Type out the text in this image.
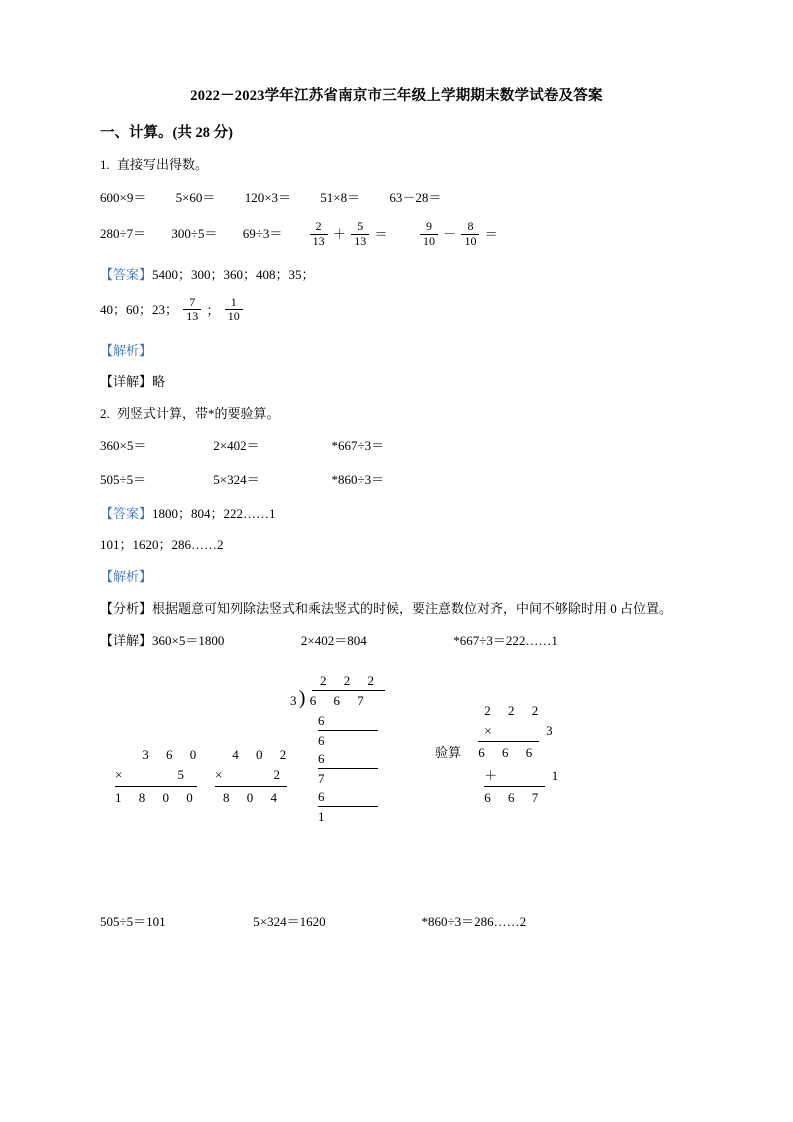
2022－2023学年江苏省南京市三年级上学期期末数学试卷及答案
一、计算。(共 28 分)
1. 直接写出得数。
600×9＝ 5×60＝ 120×3＝ 51×8＝ 63－28＝
$280\div 7= 300\div 5= 69\div 3= \frac{2}{13} + \frac{5}{13}$ ＝	$\frac{9}{10} - \frac{8}{10}$ ＝
【答案】5400；300；360；408；35；
40；60；23； $\frac{7}{13}$ ； $\frac{1}{10}$
【解析】
【详解】略
2. 列竖式计算，带*的要验算。
360×5＝	2×402＝	*667÷3＝
505÷5＝	5×324＝	*860÷3＝
【答案】1800；804；222……1
101；1620；286……2
【解析】
【分析】根据题意可知列除法竖式和乘法竖式的时候，要注意数位对齐，中间不够除时用 0 占位置。
【详解】360×5＝1800	2×402＝804	*667÷3＝222……1
2 2 2
3 ) 6 6 7
6
6
6
7
6
1
2 2 2
×	3
验算 6 6 6
＋	1
6 6 7
3 6 0
×	5
1 8 0 0
4 0 2
×	2
8 0 4
505÷5＝101	5×324＝1620	*860÷3＝286……2
